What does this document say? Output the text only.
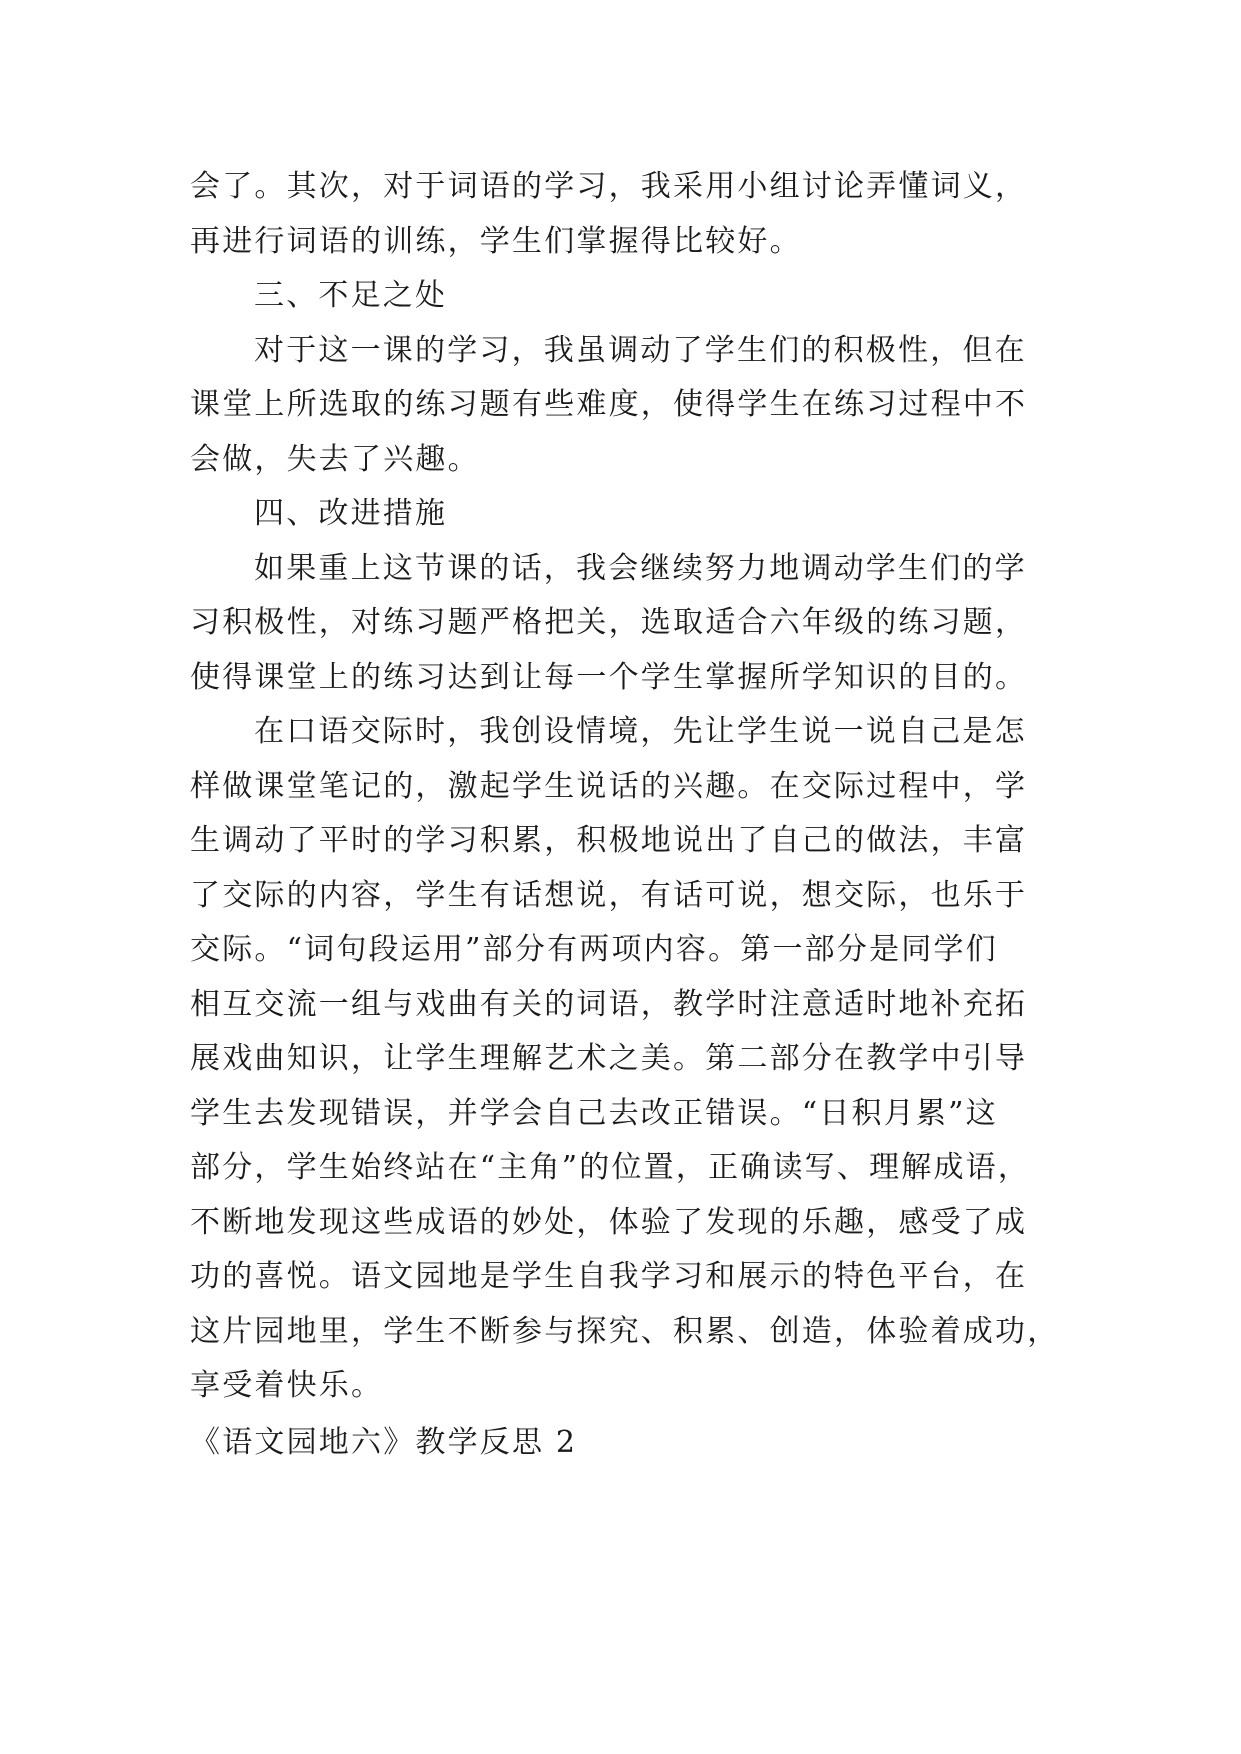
会了。其次，对于词语的学习，我采用小组讨论弄懂词义，
再进行词语的训练，学生们掌握得比较好。
三、不足之处
对于这一课的学习，我虽调动了学生们的积极性，但在
课堂上所选取的练习题有些难度，使得学生在练习过程中不
会做，失去了兴趣。
四、改进措施
如果重上这节课的话，我会继续努力地调动学生们的学
习积极性，对练习题严格把关，选取适合六年级的练习题，
使得课堂上的练习达到让每一个学生掌握所学知识的目的。
在口语交际时，我创设情境，先让学生说一说自己是怎
样做课堂笔记的，激起学生说话的兴趣。在交际过程中，学
生调动了平时的学习积累，积极地说出了自己的做法，丰富
了交际的内容，学生有话想说，有话可说，想交际，也乐于
交际。“词句段运用”部分有两项内容。第一部分是同学们
相互交流一组与戏曲有关的词语，教学时注意适时地补充拓
展戏曲知识，让学生理解艺术之美。第二部分在教学中引导
学生去发现错误，并学会自己去改正错误。“日积月累”这
部分，学生始终站在“主角”的位置，正确读写、理解成语，
不断地发现这些成语的妙处，体验了发现的乐趣，感受了成
功的喜悦。语文园地是学生自我学习和展示的特色平台，在
这片园地里，学生不断参与探究、积累、创造，体验着成功，
享受着快乐。
《语文园地六》教学反思 2
